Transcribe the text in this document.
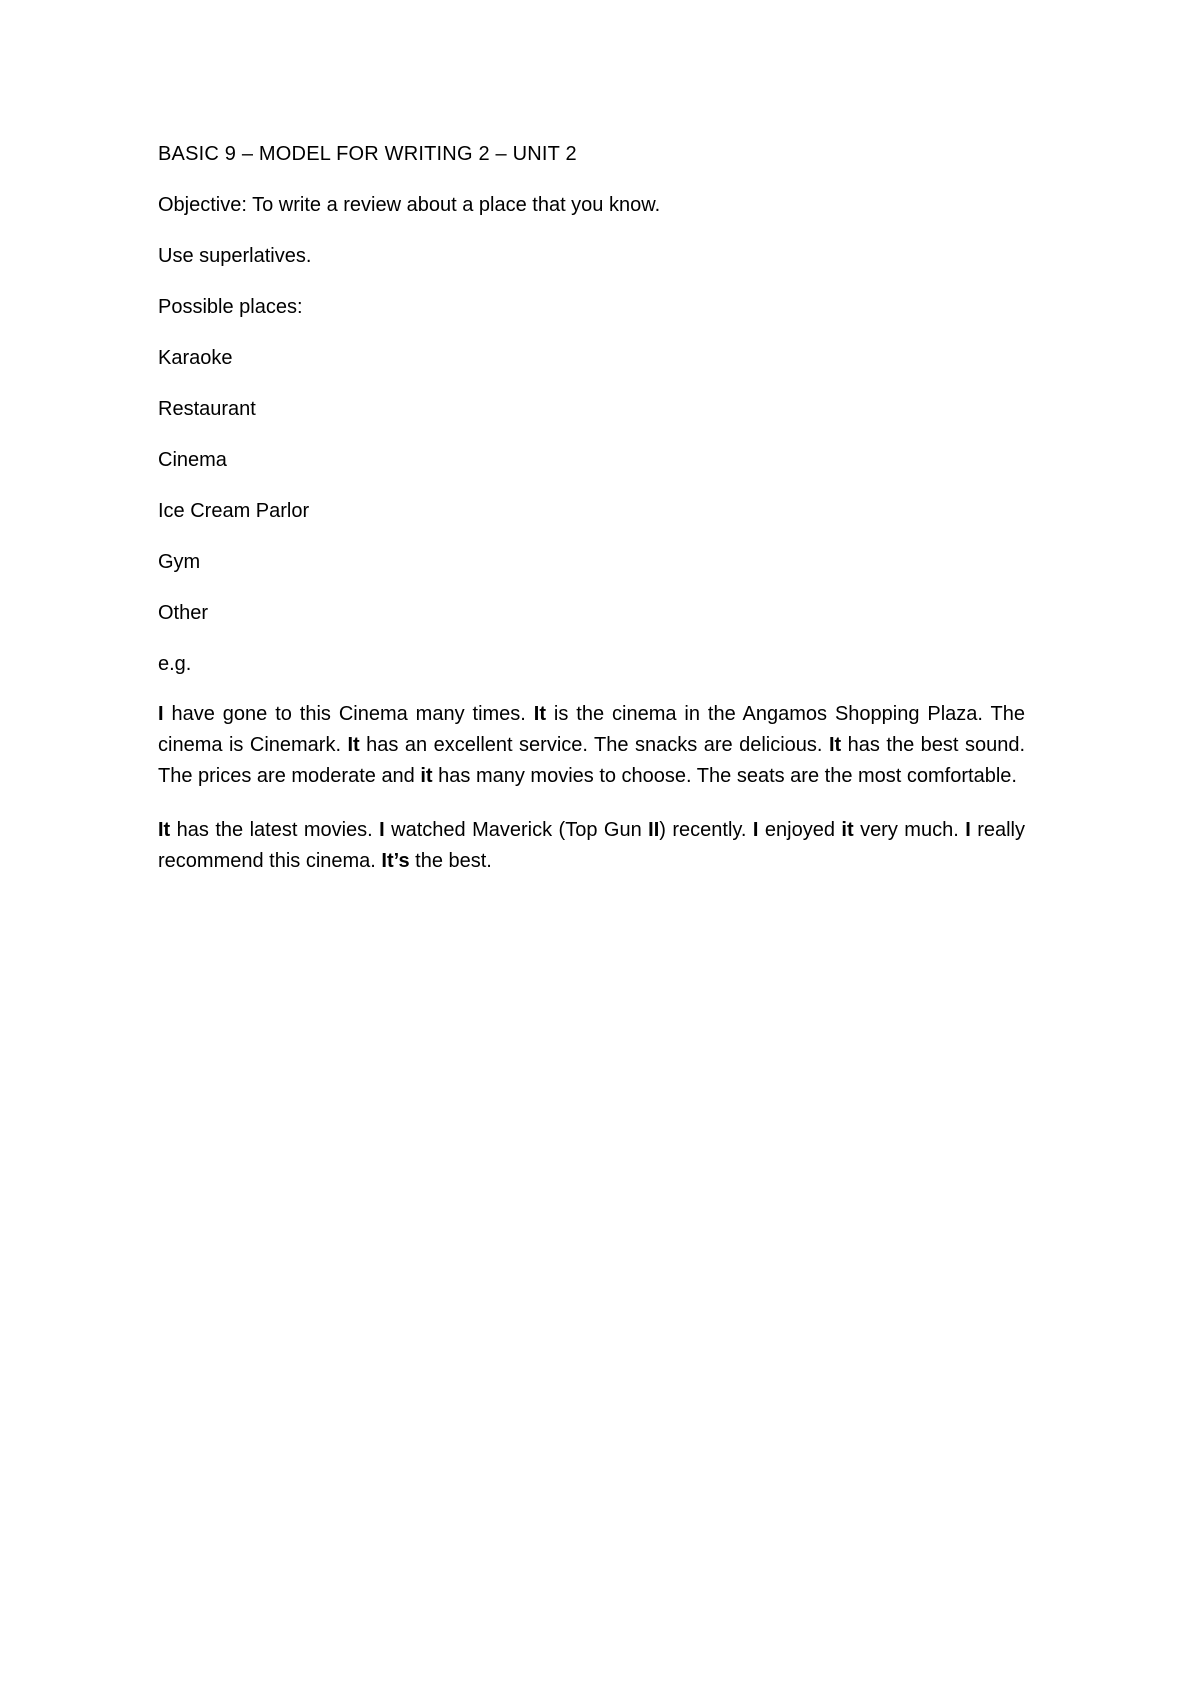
BASIC 9 – MODEL FOR WRITING 2 – UNIT 2

Objective: To write a review about a place that you know.

Use superlatives.

Possible places:

Karaoke

Restaurant

Cinema

Ice Cream Parlor

Gym

Other

e.g.

I have gone to this Cinema many times. It is the cinema in the Angamos Shopping Plaza. The cinema is Cinemark. It has an excellent service. The snacks are delicious. It has the best sound. The prices are moderate and it has many movies to choose. The seats are the most comfortable.

It has the latest movies. I watched Maverick (Top Gun II) recently. I enjoyed it very much. I really recommend this cinema. It’s the best.
